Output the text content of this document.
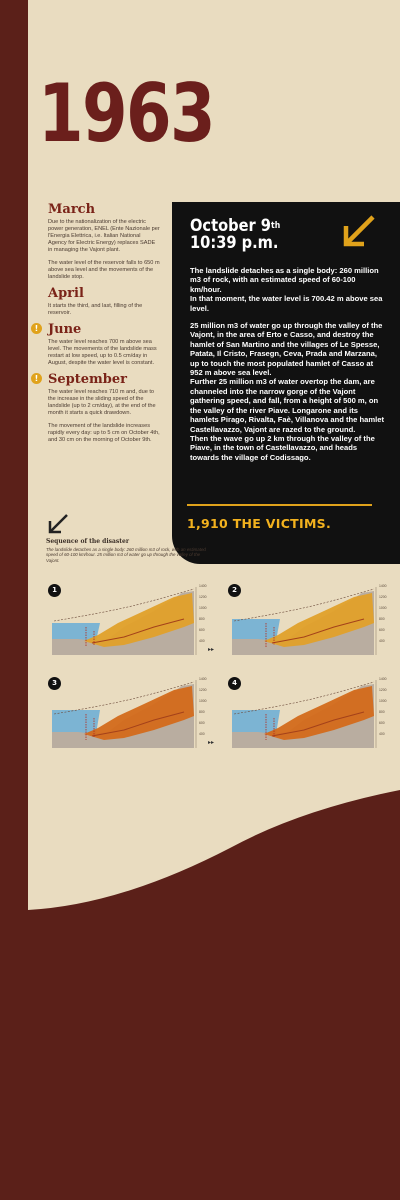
1963
March

Due to the nationalization of the electric power generation, ENEL (Ente Nazionale per l'Energia Elettrica, i.e. Italian National Agency for Electric Energy) replaces SADE in managing the Vajont plant.

The water level of the reservoir falls to 650 m above sea level and the movements of the landslide stop.

April

It starts the third, and last, filling of the reservoir.

! June

The water level reaches 700 m above sea level. The movements of the landslide mass restart at low speed, up to 0.5 cm/day in August, despite the water level is constant.

! September

The water level reaches 710 m and, due to the increase in the sliding speed of the landslide (up to 2 cm/day), at the end of the month it starts a quick drawdown.

The movement of the landslide increases rapidly every day: up to 5 cm on October 4th, and 30 cm on the morning of October 9th.

October 9th
10:39 p.m.

The landslide detaches as a single body: 260 million m3 of rock, with an estimated speed of 60-100 km/hour.
In that moment, the water level is 700.42 m above sea level.

25 million m3 of water go up through the valley of the Vajont, in the area of Erto e Casso, and destroy the hamlet of San Martino and the villages of Le Spesse, Patata, Il Cristo, Frasegn, Ceva, Prada and Marzana, up to touch the most populated hamlet of Casso at 952 m above sea level.
Further 25 million m3 of water overtop the dam, are channeled into the narrow gorge of the Vajont gathering speed, and fall, from a height of 500 m, on the valley of the river Piave. Longarone and its hamlets Pirago, Rivalta, Faè, Villanova and the hamlet Castellavazzo, Vajont are razed to the ground.
Then the wave go up 2 km through the valley of the Piave, in the town of Castellavazzo, and heads towards the village of Codissago.

1,910 THE VICTIMS.
Sequence of the disaster
The landslide detaches as a single body: 260 million m3 of rock, with an estimated speed of 60-100 km/hour. 25 million m3 of water go up through the valley of the Vajont.
1	1400
1200
1000
800
600
400
▸▸
2	1400
1200
1000
800
600
400
3	1400
1200
1000
800
600
400
▸▸
4	1400
1200
1000
800
600
400
